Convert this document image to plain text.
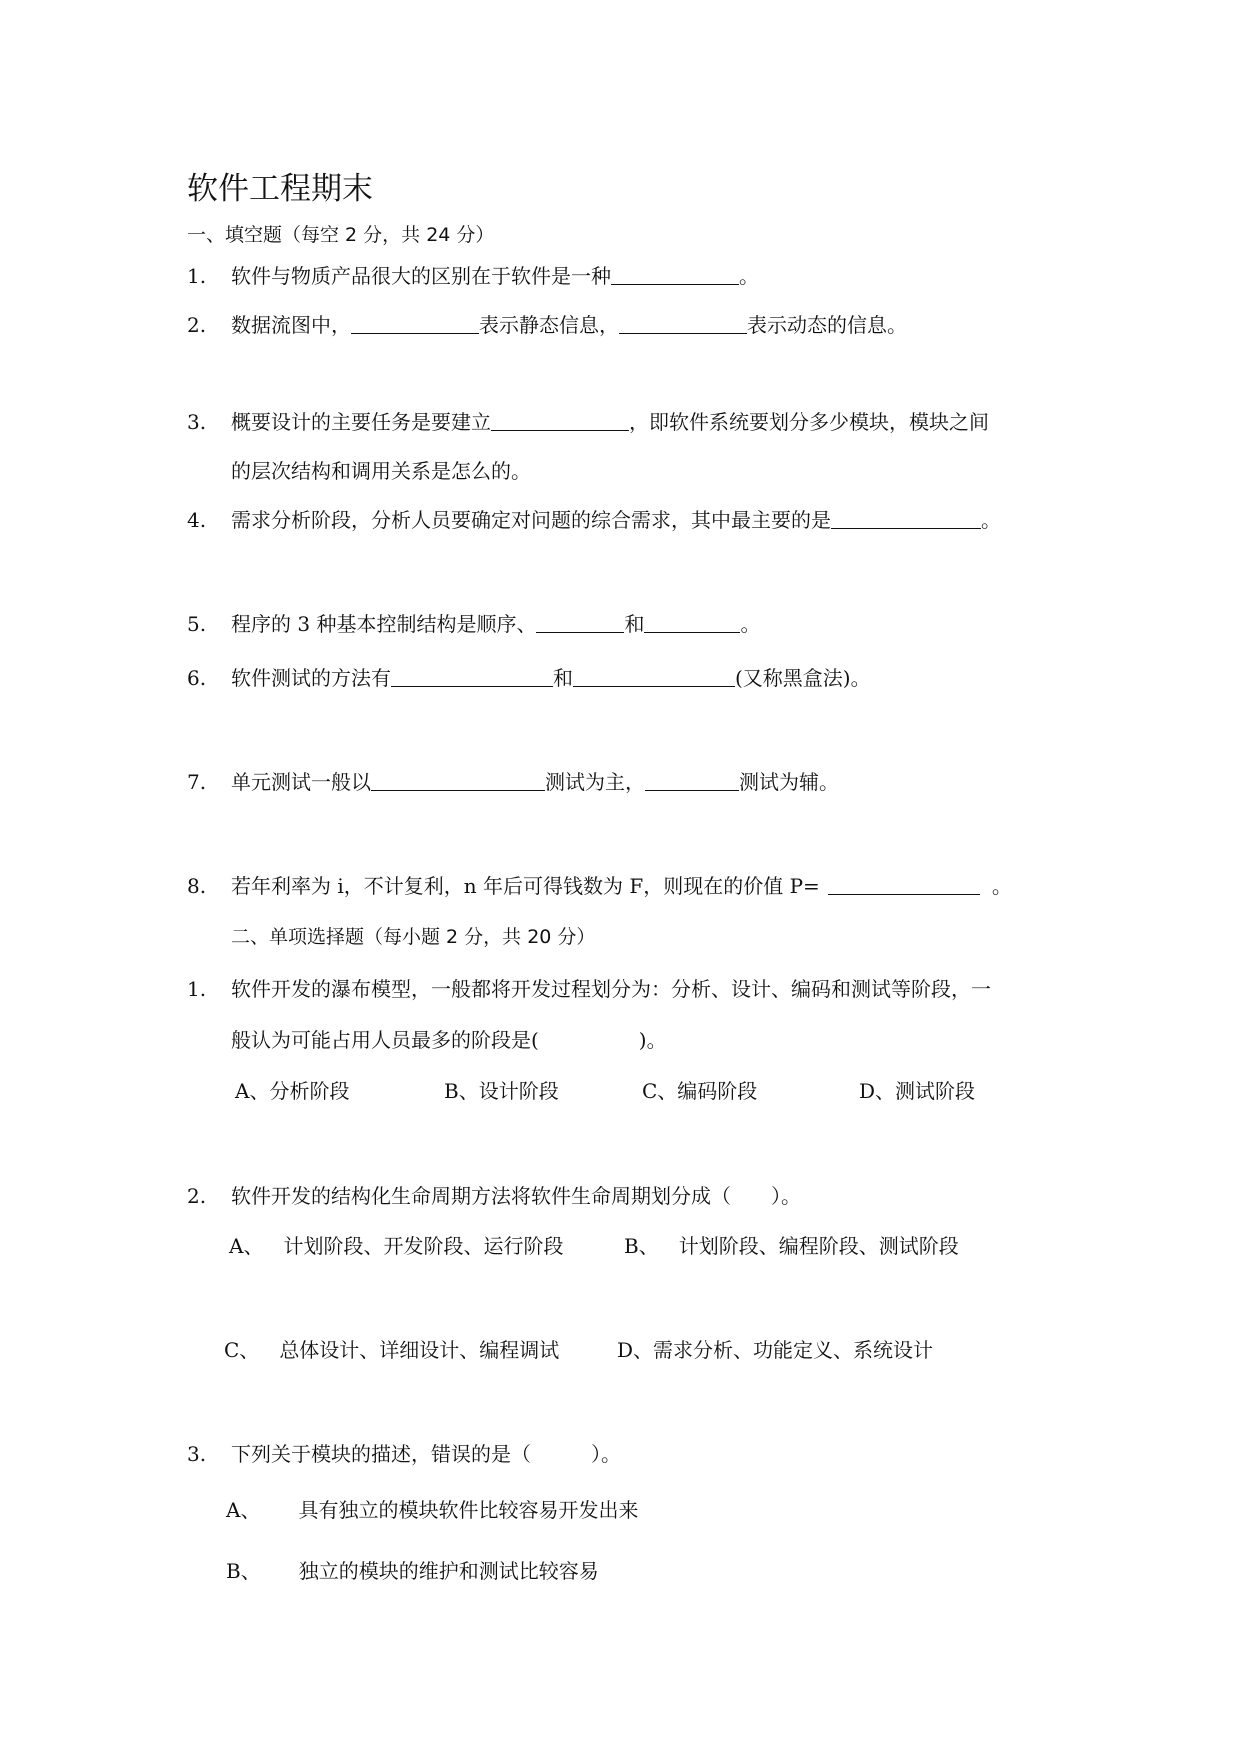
软件工程期末
一、填空题（每空 2 分，共 24 分）
1. 软件与物质产品很大的区别在于软件是一种	。
2. 数据流图中，	表示静态信息，	表示动态的信息。
3. 概要设计的主要任务是要建立	，即软件系统要划分多少模块，模块之间
的层次结构和调用关系是怎么的。
4. 需求分析阶段，分析人员要确定对问题的综合需求，其中最主要的是	。
5. 程序的 3 种基本控制结构是顺序、	和	。
6. 软件测试的方法有	和	(又称黑盒法)。
7. 单元测试一般以	测试为主，	测试为辅。
8. 若年利率为 i，不计复利，n 年后可得钱数为 F，则现在的价值 P=	。
二、单项选择题（每小题 2 分，共 20 分）
1. 软件开发的瀑布模型，一般都将开发过程划分为：分析、设计、编码和测试等阶段，一
般认为可能占用人员最多的阶段是(　　　　　)。
A、分析阶段	B、设计阶段	C、编码阶段	D、测试阶段
2. 软件开发的结构化生命周期方法将软件生命周期划分成（　　）。
A、 计划阶段、开发阶段、运行阶段	B、 计划阶段、编程阶段、测试阶段
C、 总体设计、详细设计、编程调试	D、需求分析、功能定义、系统设计
3. 下列关于模块的描述，错误的是（　　　）。
A、 具有独立的模块软件比较容易开发出来
B、 独立的模块的维护和测试比较容易
